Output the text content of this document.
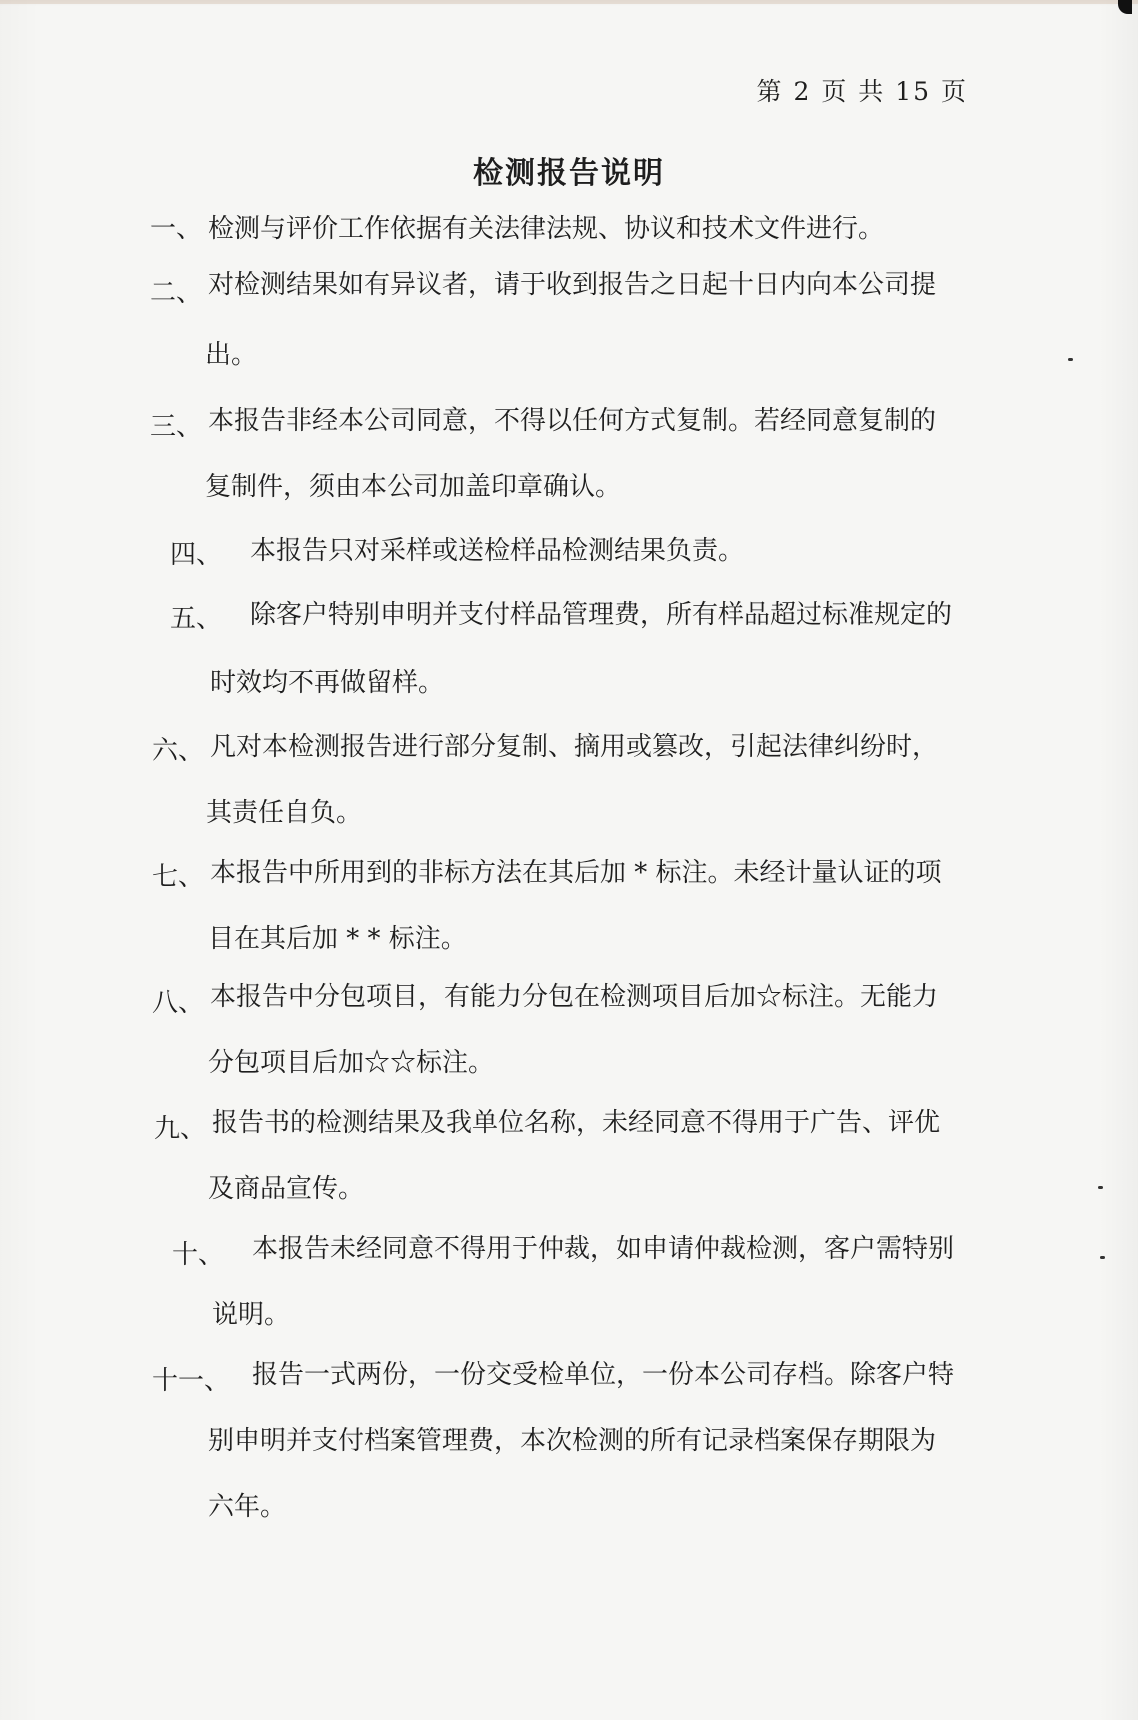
第 2 页 共 15 页
检测报告说明
一、 检测与评价工作依据有关法律法规、协议和技术文件进行。
二、 对检测结果如有异议者，请于收到报告之日起十日内向本公司提
出。
三、 本报告非经本公司同意，不得以任何方式复制。若经同意复制的
复制件，须由本公司加盖印章确认。
四、 本报告只对采样或送检样品检测结果负责。
五、 除客户特别申明并支付样品管理费，所有样品超过标准规定的
时效均不再做留样。
六、 凡对本检测报告进行部分复制、摘用或篡改，引起法律纠纷时，
其责任自负。
七、 本报告中所用到的非标方法在其后加 * 标注。未经计量认证的项
目在其后加 * * 标注。
八、 本报告中分包项目，有能力分包在检测项目后加☆标注。无能力
分包项目后加☆☆标注。
九、 报告书的检测结果及我单位名称，未经同意不得用于广告、评优
及商品宣传。
十、 本报告未经同意不得用于仲裁，如申请仲裁检测，客户需特别
说明。
十一、 报告一式两份，一份交受检单位，一份本公司存档。除客户特
别申明并支付档案管理费，本次检测的所有记录档案保存期限为
六年。
